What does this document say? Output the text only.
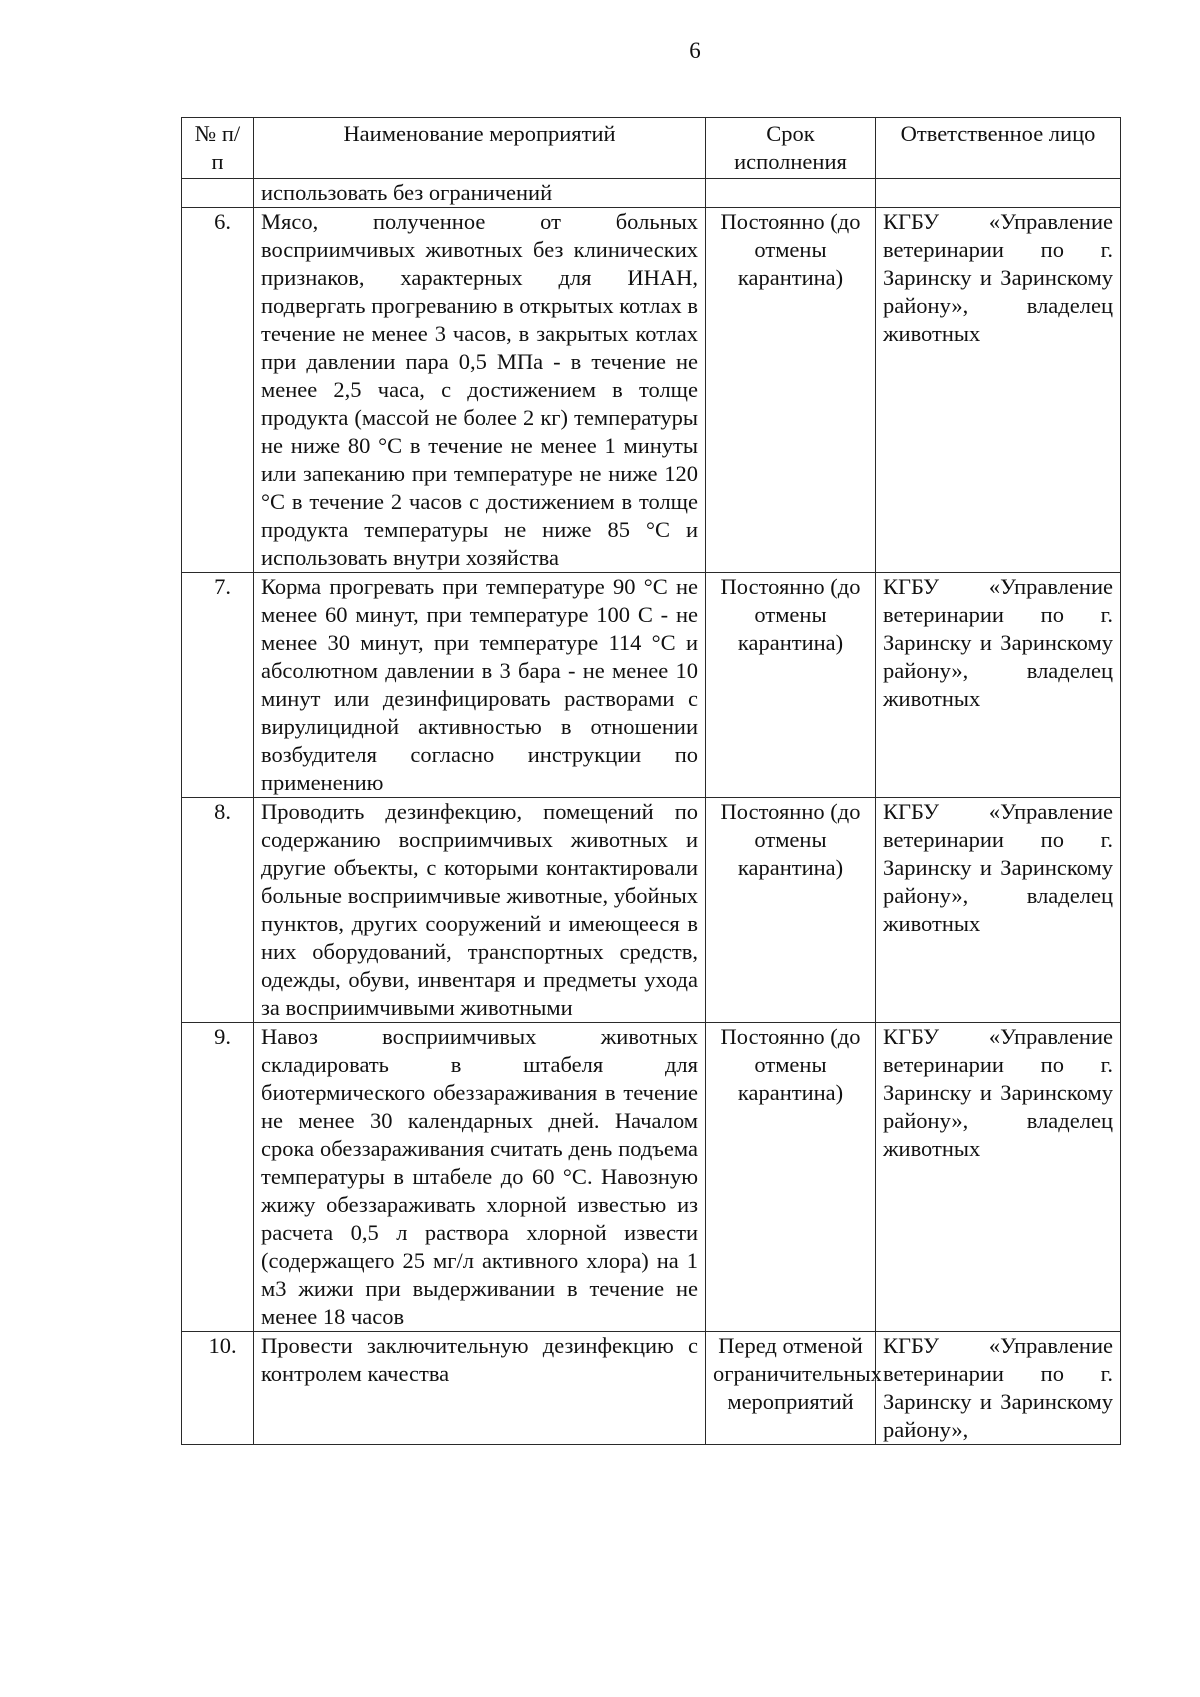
6
№ п/п	Наименование мероприятий	Срок исполнения	Ответственное лицо
	использовать без ограничений		
6.	Мясо, полученное от больных восприимчивых животных без клинических признаков, характерных для ИНАН, подвергать прогреванию в открытых котлах в течение не менее 3 часов, в закрытых котлах при давлении пара 0,5 МПа - в течение не менее 2,5 часа, с достижением в толще продукта (массой не более 2 кг) температуры не ниже 80 °С в течение не менее 1 минуты или запеканию при температуре не ниже 120 °С в течение 2 часов с достижением в толще продукта температуры не ниже 85 °С и использовать внутри хозяйства	Постоянно (до отмены карантина)	КГБУ «Управление ветеринарии по г. Заринску и Заринскому району», владелец животных
7.	Корма прогревать при температуре 90 °С не менее 60 минут, при температуре 100 С - не менее 30 минут, при температуре 114 °С и абсолютном давлении в 3 бара - не менее 10 минут или дезинфицировать растворами с вирулицидной активностью в отношении возбудителя согласно инструкции по применению	Постоянно (до отмены карантина)	КГБУ «Управление ветеринарии по г. Заринску и Заринскому району», владелец животных
8.	Проводить дезинфекцию, помещений по содержанию восприимчивых животных и другие объекты, с которыми контактировали больные восприимчивые животные, убойных пунктов, других сооружений и имеющееся в них оборудований, транспортных средств, одежды, обуви, инвентаря и предметы ухода за восприимчивыми животными	Постоянно (до отмены карантина)	КГБУ «Управление ветеринарии по г. Заринску и Заринскому району», владелец животных
9.	Навоз восприимчивых животных складировать в штабеля для биотермического обеззараживания в течение не менее 30 календарных дней. Началом срока обеззараживания считать день подъема температуры в штабеле до 60 °С. Навозную жижу обеззараживать хлорной известью из расчета 0,5 л раствора хлорной извести (содержащего 25 мг/л активного хлора) на 1 м3 жижи при выдерживании в течение не менее 18 часов	Постоянно (до отмены карантина)	КГБУ «Управление ветеринарии по г. Заринску и Заринскому району», владелец животных
10.	Провести заключительную дезинфекцию с контролем качества	Перед отменой ограничительных мероприятий	КГБУ «Управление ветеринарии по г. Заринску и Заринскому району»,
